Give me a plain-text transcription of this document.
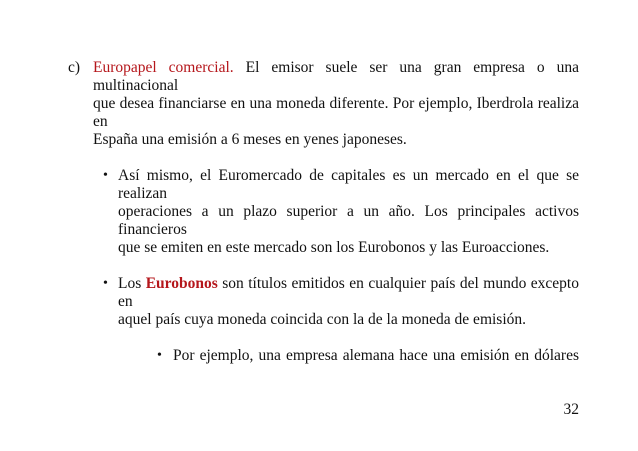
c) Europapel comercial. El emisor suele ser una gran empresa o una multinacional
que desea financiarse en una moneda diferente. Por ejemplo, Iberdrola realiza en
España una emisión a 6 meses en yenes japoneses.
• Así mismo, el Euromercado de capitales es un mercado en el que se realizan
operaciones a un plazo superior a un año. Los principales activos financieros
que se emiten en este mercado son los Eurobonos y las Euroacciones.
• Los Eurobonos son títulos emitidos en cualquier país del mundo excepto en
aquel país cuya moneda coincida con la de la moneda de emisión.
• Por ejemplo, una empresa alemana hace una emisión en dólares
32
